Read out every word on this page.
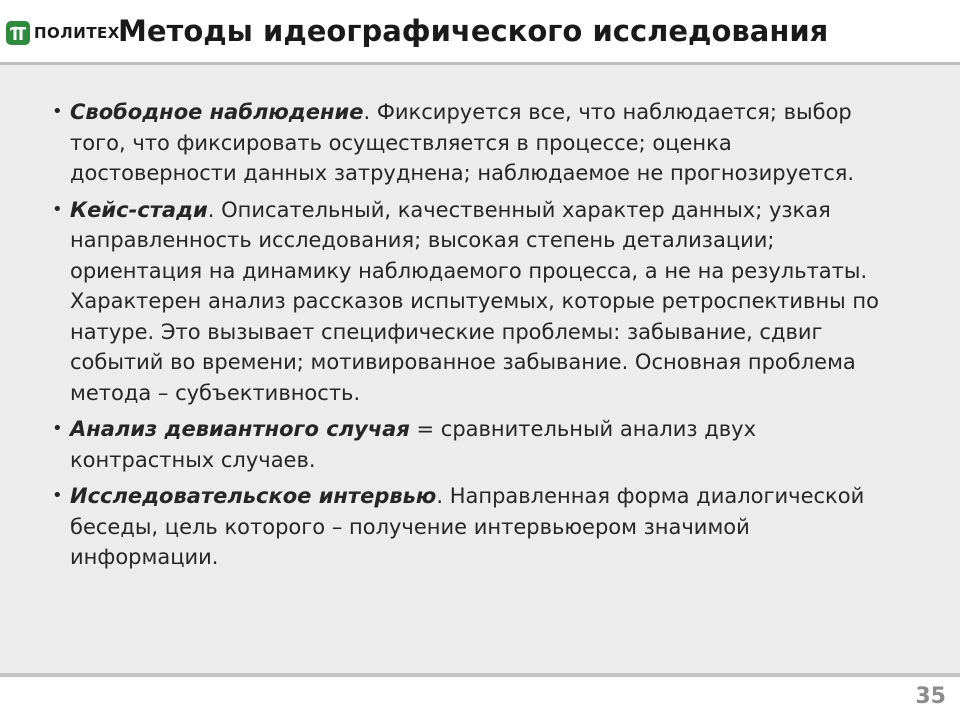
ПОЛИТЕХ
Методы идеографического исследования
• Свободное наблюдение. Фиксируется все, что наблюдается; выбор того, что фиксировать осуществляется в процессе; оценка достоверности данных затруднена; наблюдаемое не прогнозируется.
• Кейс-стади. Описательный, качественный характер данных; узкая направленность исследования; высокая степень детализации; ориентация на динамику наблюдаемого процесса, а не на результаты. Характерен анализ рассказов испытуемых, которые ретроспективны по натуре. Это вызывает специфические проблемы: забывание, сдвиг событий во времени; мотивированное забывание. Основная проблема метода – субъективность.
• Анализ девиантного случая = сравнительный анализ двух контрастных случаев.
• Исследовательское интервью. Направленная форма диалогической беседы, цель которого – получение интервьюером значимой информации.
35
